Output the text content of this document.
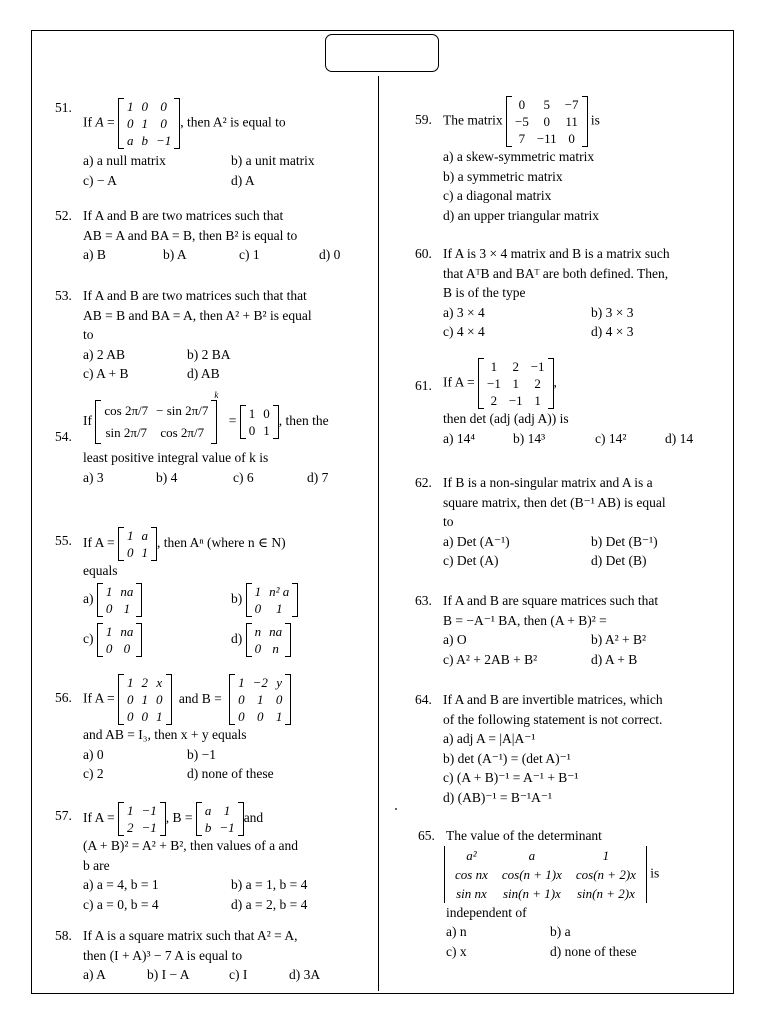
51.
If A =
1	0	0
0	1	0
a	b	−1
, then A² is equal to
a) a null matrix	b) a unit matrix
c) − A	d) A
52. If A and B are two matrices such that
AB = A and BA = B, then B² is equal to
a) B	b) A	c) 1	d) 0
53. If A and B are two matrices such that that
AB = B and BA = A, then A² + B² is equal
to
a) 2 AB	b) 2 BA
c) A + B	d) AB
54.
If
cos 2π/7	− sin 2π/7
sin 2π/7	cos 2π/7
$^k$ = 1	0
0	1
, then the
least positive integral value of k is
a) 3	b) 4	c) 6	d) 7
55. If A = 1	a
0	1
, then Aⁿ (where n ∈ N)
equals
a) 1	na
0	1
b) 1	n² a
0	1
c) 1	na
0	0
d) n	na
0	n
56. If A =
1	2	x
0	1	0
0	0	1
and B =
1	−2	y
0	1	0
0	0	1
and AB = I₃, then x + y equals
a) 0	b) −1
c) 2	d) none of these
57. If A = 1	−1
2	−1
, B = a	1
b	−1
and
(A + B)² = A² + B², then values of a and
b are
a) a = 4, b = 1	b) a = 1, b = 4
c) a = 0, b = 4	d) a = 2, b = 4
58. If A is a square matrix such that A² = A,
then (I + A)³ − 7 A is equal to
a) A	b) I − A	c) I	d) 3A
59. The matrix
0	5	−7
−5	0	11
7	−11	0
is
a) a skew-symmetric matrix
b) a symmetric matrix
c) a diagonal matrix
d) an upper triangular matrix
60. If A is 3 × 4 matrix and B is a matrix such
that AᵀB and BAᵀ are both defined. Then,
B is of the type
a) 3 × 4	b) 3 × 3
c) 4 × 4	d) 4 × 3
61. If A =
1	2	−1
−1	1	2
2	−1	1
,
then det (adj (adj A)) is
a) 14⁴	b) 14³	c) 14²	d) 14
62. If B is a non-singular matrix and A is a
square matrix, then det (B⁻¹ AB) is equal
to
a) Det (A⁻¹)	b) Det (B⁻¹)
c) Det (A)	d) Det (B)
63. If A and B are square matrices such that
B = −A⁻¹ BA, then (A + B)² =
a) O	b) A² + B²
c) A² + 2AB + B²	d) A + B
64. If A and B are invertible matrices, which
of the following statement is not correct.
a) adj A = |A|A⁻¹
b) det (A⁻¹) = (det A)⁻¹
c) (A + B)⁻¹ = A⁻¹ + B⁻¹
d) (AB)⁻¹ = B⁻¹A⁻¹
65. The value of the determinant
a²	a	1
cos nx	cos(n + 1)x	cos(n + 2)x
sin nx	sin(n + 1)x	sin(n + 2)x
is
independent of
a) n	b) a
c) x	d) none of these
